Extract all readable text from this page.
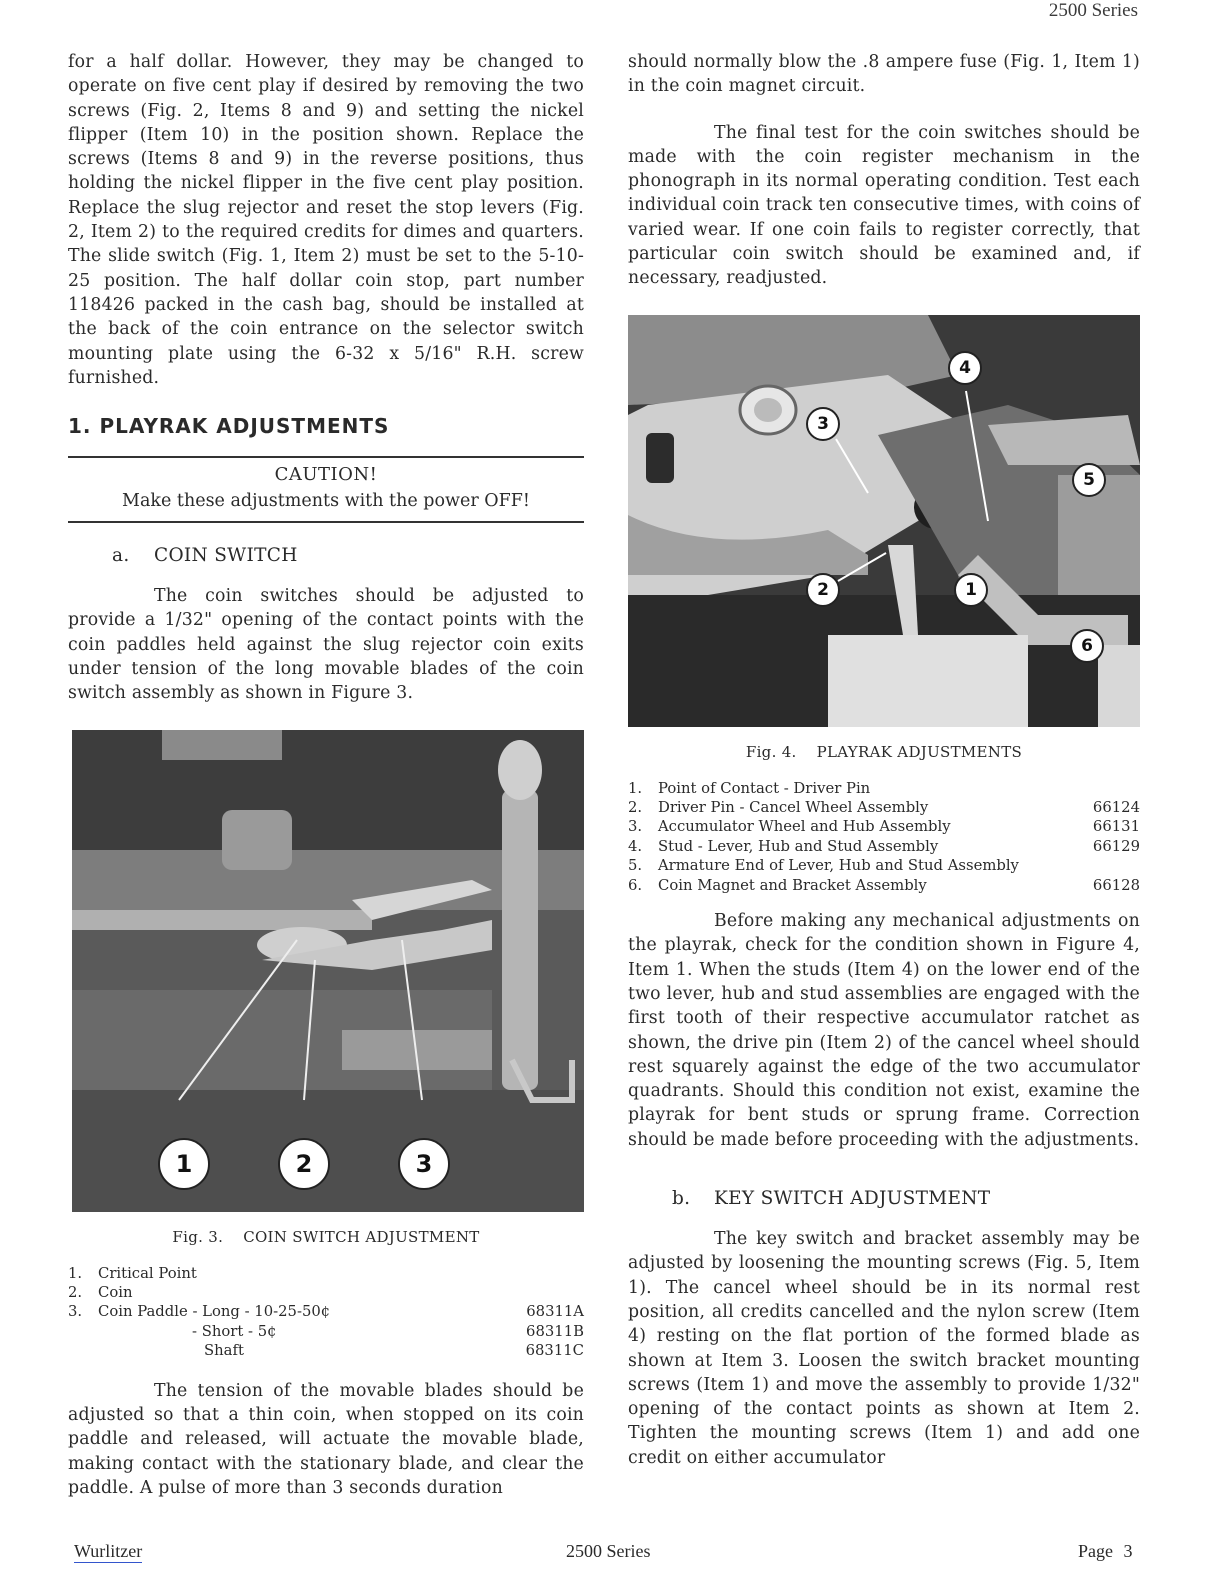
2500 Series

for a half dollar. However, they may be changed to operate on five cent play if desired by removing the two screws (Fig. 2, Items 8 and 9) and setting the nickel flipper (Item 10) in the position shown. Replace the screws (Items 8 and 9) in the reverse positions, thus holding the nickel flipper in the five cent play position. Replace the slug rejector and reset the stop levers (Fig. 2, Item 2) to the required credits for dimes and quarters. The slide switch (Fig. 1, Item 2) must be set to the 5-10-25 position. The half dollar coin stop, part number 118426 packed in the cash bag, should be installed at the back of the coin entrance on the selector switch mounting plate using the 6-32 x 5/16" R.H. screw furnished.

1. PLAYRAK ADJUSTMENTS
CAUTION!
Make these adjustments with the power OFF!
a. COIN SWITCH

The coin switches should be adjusted to provide a 1/32" opening of the contact points with the coin paddles held against the slug rejector coin exits under tension of the long movable blades of the coin switch assembly as shown in Figure 3.

1	2	3
Fig. 3. COIN SWITCH ADJUSTMENT
1.	Critical Point	
2.	Coin	
3.	Coin Paddle - Long - 10-25-50¢	68311A
	- Short - 5¢	68311B
	Shaft	68311C

The tension of the movable blades should be adjusted so that a thin coin, when stopped on its coin paddle and released, will actuate the movable blade, making contact with the stationary blade, and clear the paddle. A pulse of more than 3 seconds duration

should normally blow the .8 ampere fuse (Fig. 1, Item 1) in the coin magnet circuit.

The final test for the coin switches should be made with the coin register mechanism in the phonograph in its normal operating condition. Test each individual coin track ten consecutive times, with coins of varied wear. If one coin fails to register correctly, that particular coin switch should be examined and, if necessary, readjusted.

1
2
3
4
5
6
Fig. 4. PLAYRAK ADJUSTMENTS
1.	Point of Contact - Driver Pin	
2.	Driver Pin - Cancel Wheel Assembly	66124
3.	Accumulator Wheel and Hub Assembly	66131
4.	Stud - Lever, Hub and Stud Assembly	66129
5.	Armature End of Lever, Hub and Stud Assembly	
6.	Coin Magnet and Bracket Assembly	66128

Before making any mechanical adjustments on the playrak, check for the condition shown in Figure 4, Item 1. When the studs (Item 4) on the lower end of the two lever, hub and stud assemblies are engaged with the first tooth of their respective accumulator ratchet as shown, the drive pin (Item 2) of the cancel wheel should rest squarely against the edge of the two accumulator quadrants. Should this condition not exist, examine the playrak for bent studs or sprung frame. Correction should be made before proceeding with the adjustments.

b. KEY SWITCH ADJUSTMENT

The key switch and bracket assembly may be adjusted by loosening the mounting screws (Fig. 5, Item 1). The cancel wheel should be in its normal rest position, all credits cancelled and the nylon screw (Item 4) resting on the flat portion of the formed blade as shown at Item 3. Loosen the switch bracket mounting screws (Item 1) and move the assembly to provide 1/32" opening of the contact points as shown at Item 2. Tighten the mounting screws (Item 1) and add one credit on either accumulator

Wurlitzer	2500 Series	Page 3
